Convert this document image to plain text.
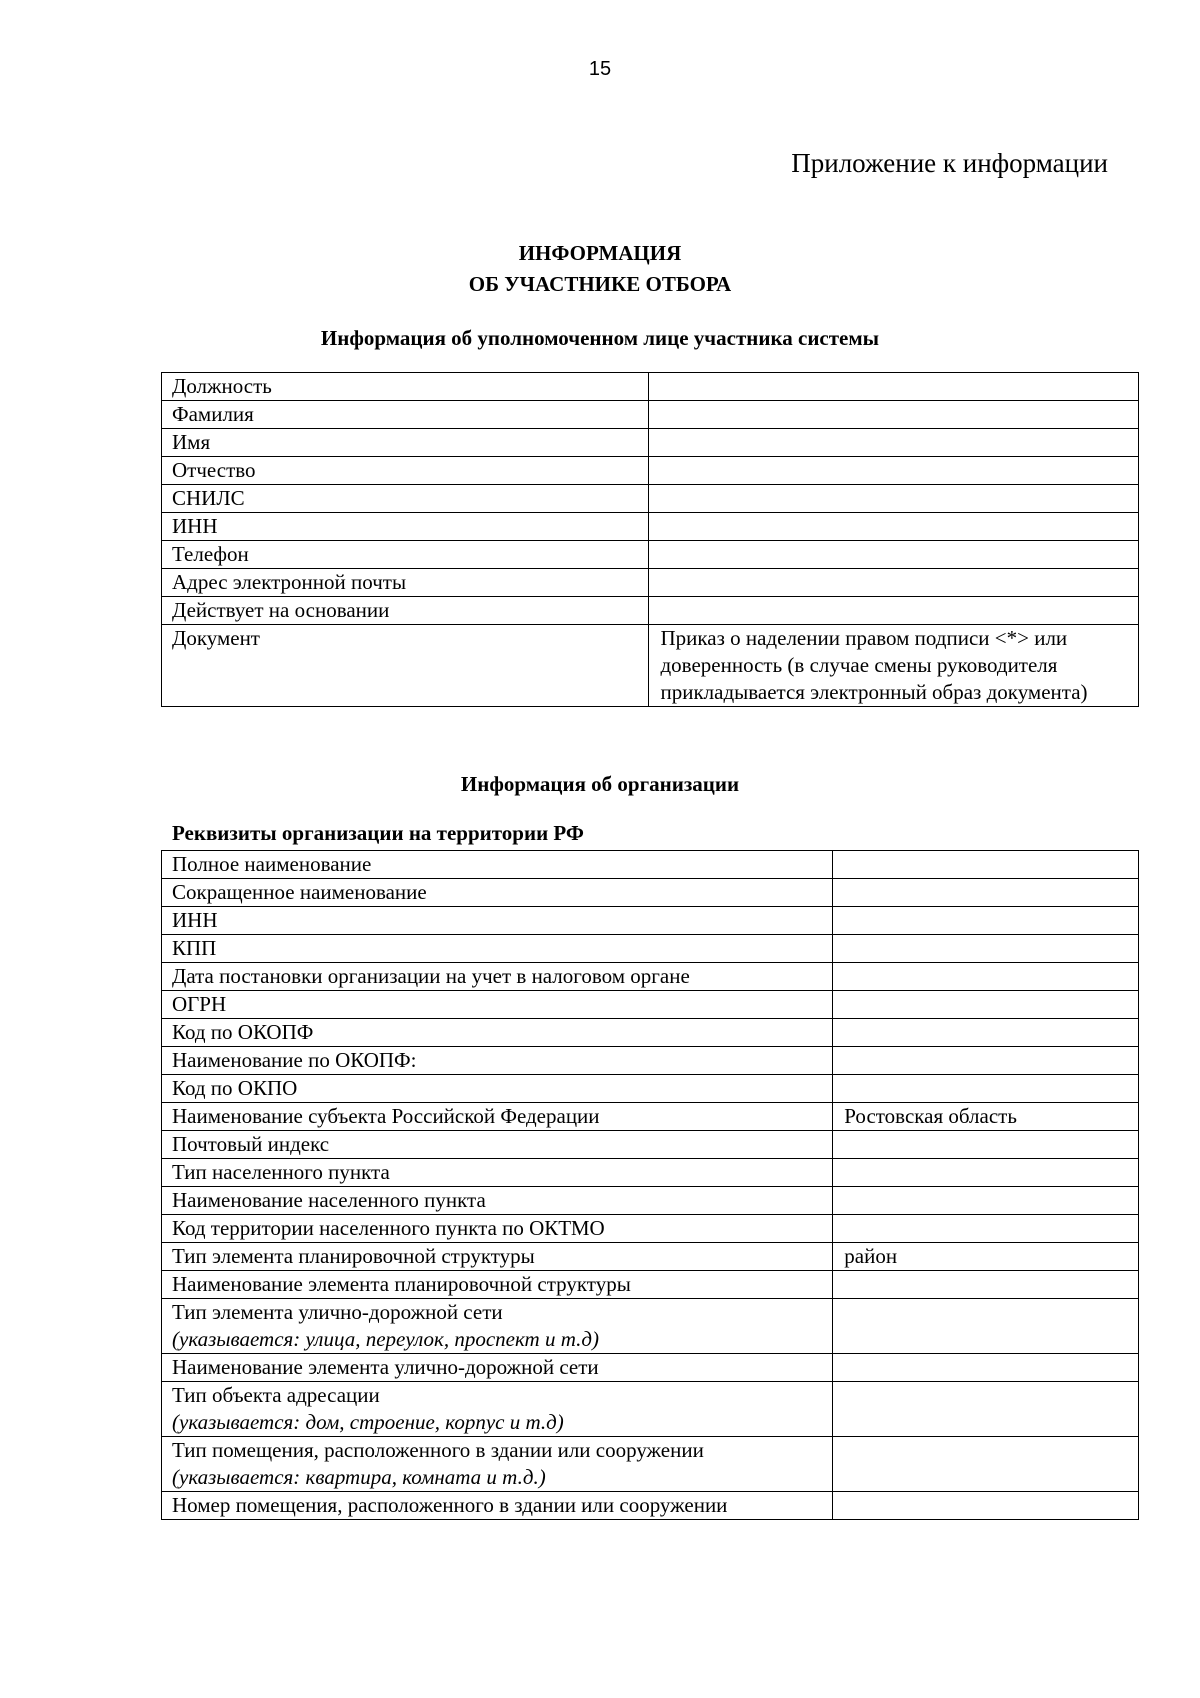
15
Приложение к информации
ИНФОРМАЦИЯ
ОБ УЧАСТНИКЕ ОТБОРА
Информация об уполномоченном лице участника системы
Должность	
Фамилия	
Имя	
Отчество	
СНИЛС	
ИНН	
Телефон	
Адрес электронной почты	
Действует на основании	
Документ	Приказ о наделении правом подписи <*> или доверенность (в случае смены руководителя прикладывается электронный образ документа)
Информация об организации
Реквизиты организации на территории РФ
Полное наименование	
Сокращенное наименование	
ИНН	
КПП	
Дата постановки организации на учет в налоговом органе	
ОГРН	
Код по ОКОПФ	
Наименование по ОКОПФ:	
Код по ОКПО	
Наименование субъекта Российской Федерации	Ростовская область
Почтовый индекс	
Тип населенного пункта	
Наименование населенного пункта	
Код территории населенного пункта по ОКТМО	
Тип элемента планировочной структуры	район
Наименование элемента планировочной структуры	
Тип элемента улично-дорожной сети
(указывается: улица, переулок, проспект и т.д)	

Наименование элемента улично-дорожной сети	
Тип объекта адресации
(указывается: дом, строение, корпус и т.д)	

Тип помещения, расположенного в здании или сооружении
(указывается: квартира, комната и т.д.)	

Номер помещения, расположенного в здании или сооружении	
